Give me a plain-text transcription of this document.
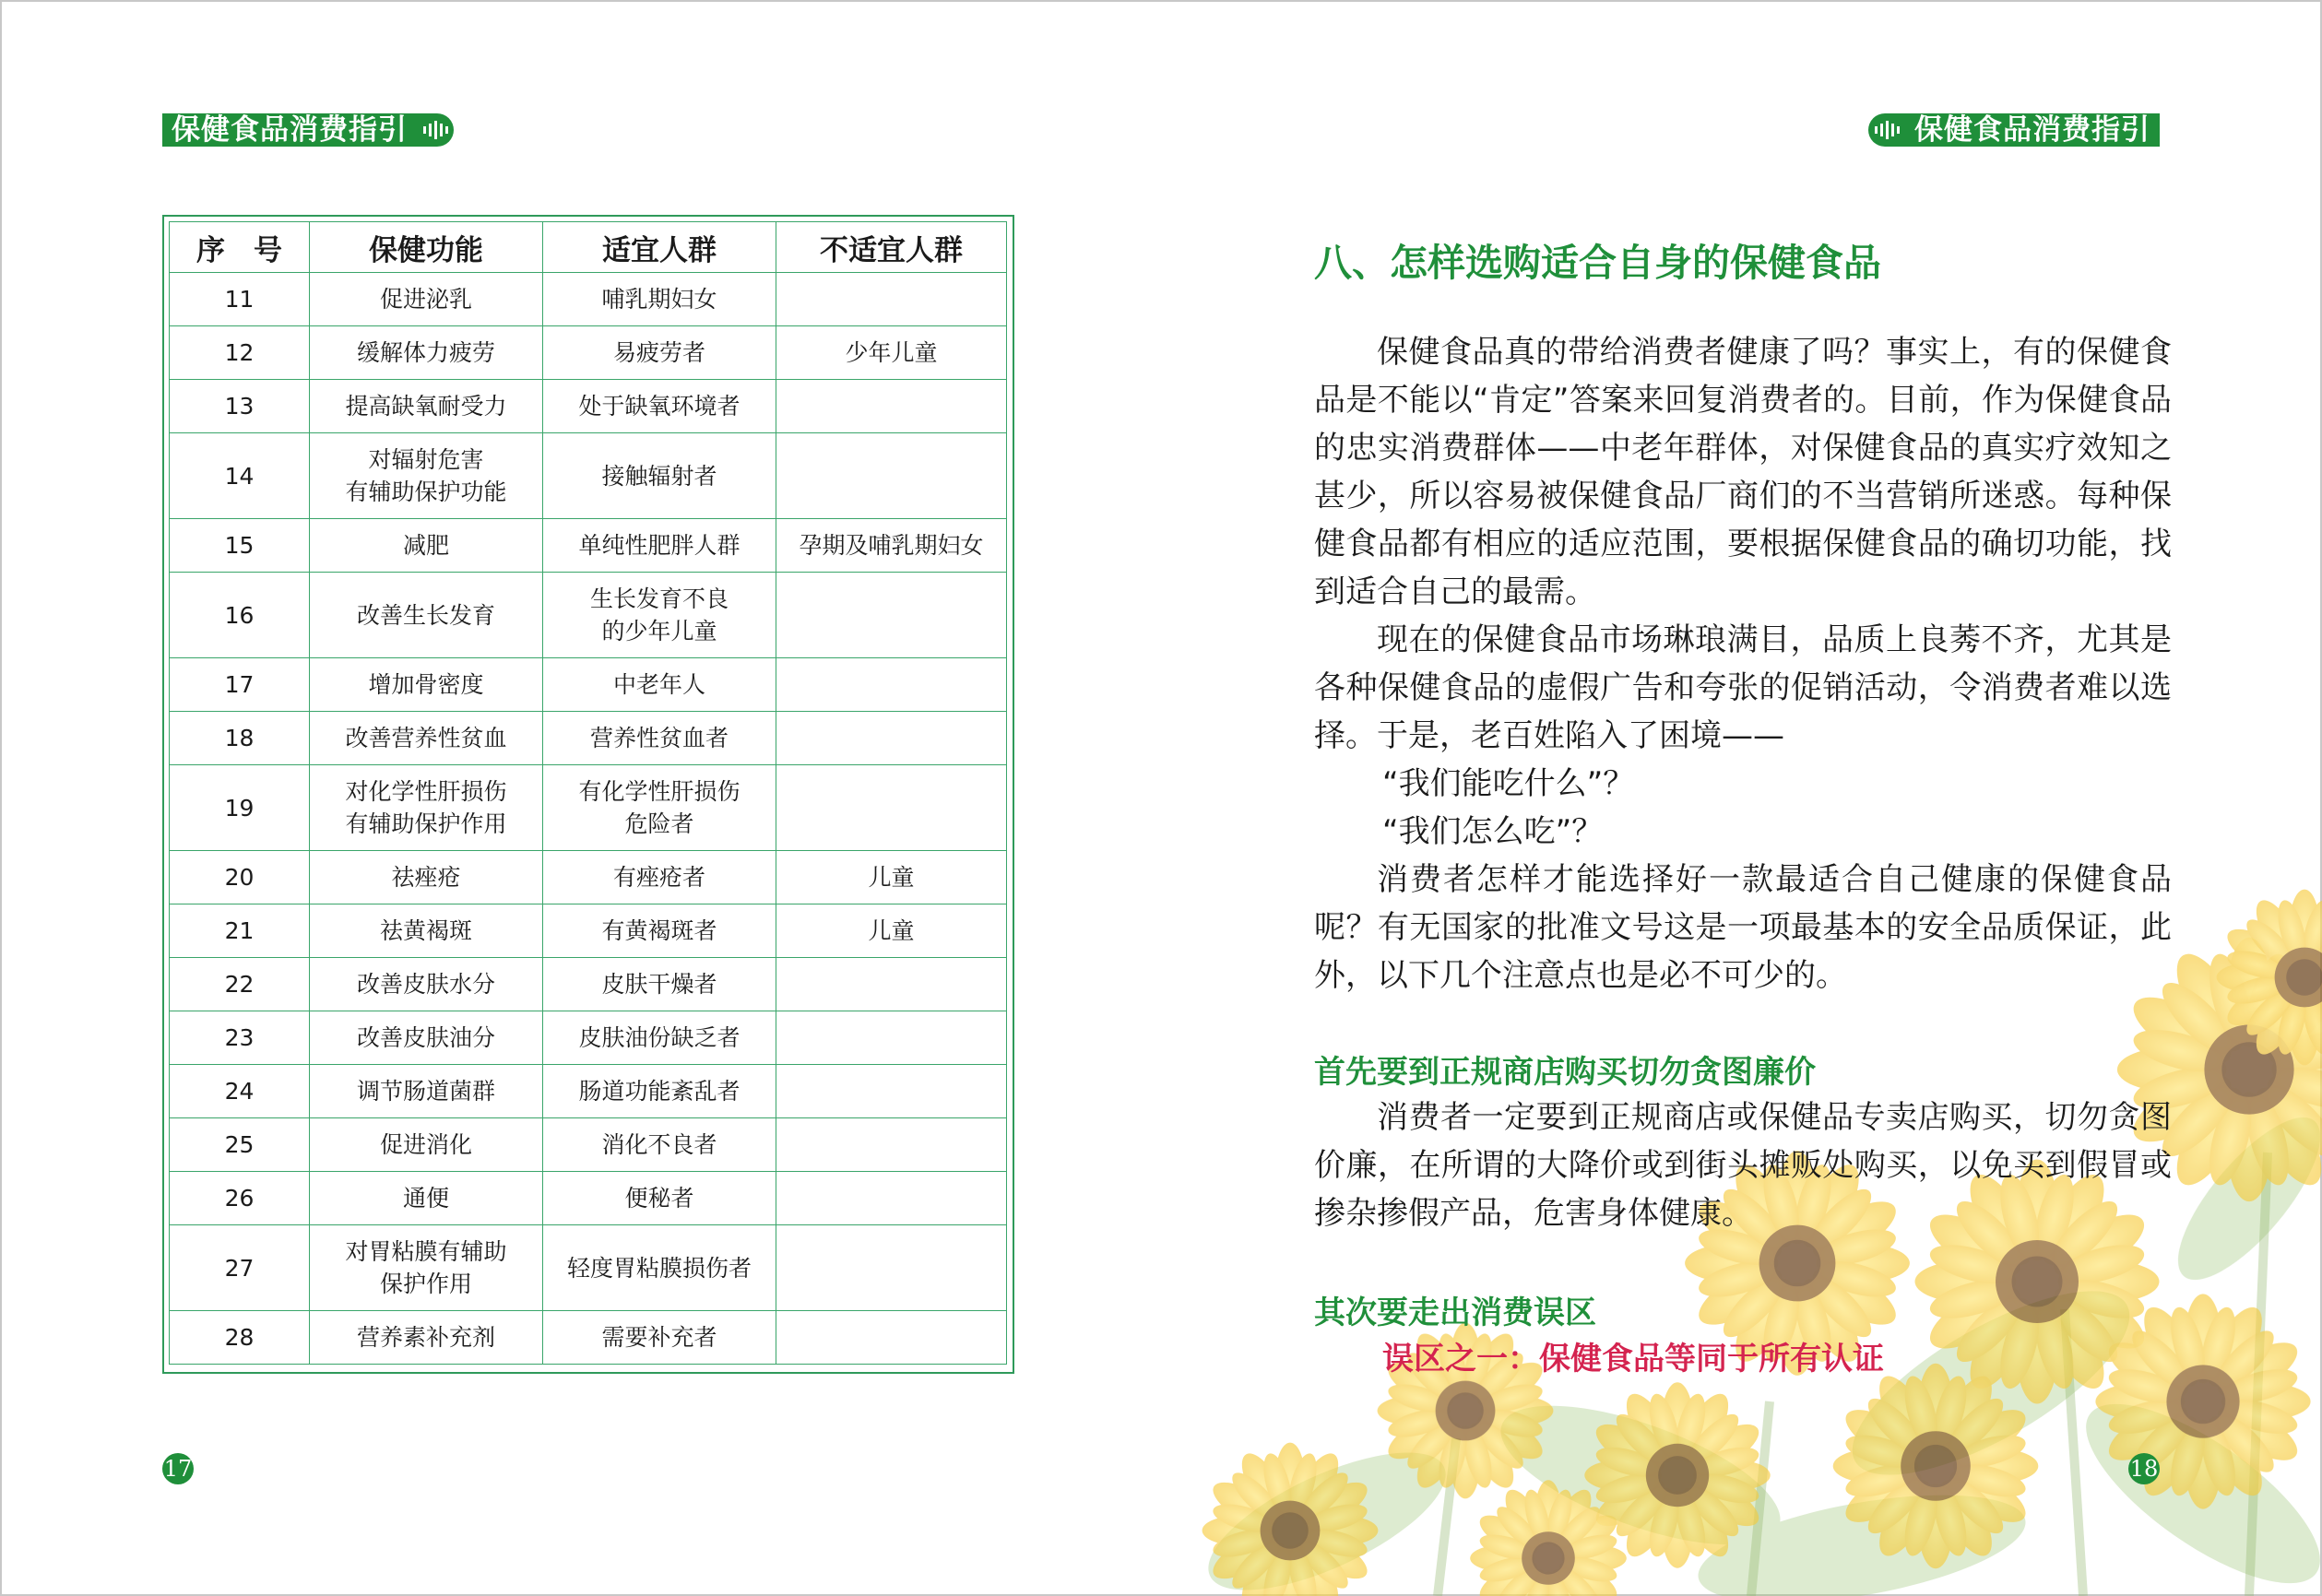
保健食品消费指引
序　号	保健功能	适宜人群	不适宜人群
11	促进泌乳	哺乳期妇女	

12	缓解体力疲劳	易疲劳者	少年儿童
13	提高缺氧耐受力	处于缺氧环境者	

14	对辐射危害
有辅助保护功能	接触辐射者	

15	减肥	单纯性肥胖人群	孕期及哺乳期妇女
16	改善生长发育	生长发育不良
的少年儿童	

17	增加骨密度	中老年人	

18	改善营养性贫血	营养性贫血者	

19	对化学性肝损伤
有辅助保护作用	有化学性肝损伤
危险者	

20	祛痤疮	有痤疮者	儿童
21	祛黄褐斑	有黄褐斑者	儿童
22	改善皮肤水分	皮肤干燥者	

23	改善皮肤油分	皮肤油份缺乏者	

24	调节肠道菌群	肠道功能紊乱者	

25	促进消化	消化不良者	

26	通便	便秘者	

27	对胃粘膜有辅助
保护作用	轻度胃粘膜损伤者	

28	营养素补充剂	需要补充者	

17
保健食品消费指引
八、怎样选购适合自身的保健食品

保健食品真的带给消费者健康了吗？事实上，有的保健食品是不能以“肯定”答案来回复消费者的。目前，作为保健食品的忠实消费群体——中老年群体，对保健食品的真实疗效知之甚少，所以容易被保健食品厂商们的不当营销所迷惑。每种保健食品都有相应的适应范围，要根据保健食品的确切功能，找到适合自己的最需。

现在的保健食品市场琳琅满目，品质上良莠不齐，尤其是各种保健食品的虚假广告和夸张的促销活动，令消费者难以选择。于是，老百姓陷入了困境——

“我们能吃什么”？

“我们怎么吃”？

消费者怎样才能选择好一款最适合自己健康的保健食品呢？有无国家的批准文号这是一项最基本的安全品质保证，此外，以下几个注意点也是必不可少的。

首先要到正规商店购买切勿贪图廉价

消费者一定要到正规商店或保健品专卖店购买，切勿贪图价廉，在所谓的大降价或到街头摊贩处购买，以免买到假冒或掺杂掺假产品，危害身体健康。

其次要走出消费误区
误区之一：保健食品等同于所有认证
18
